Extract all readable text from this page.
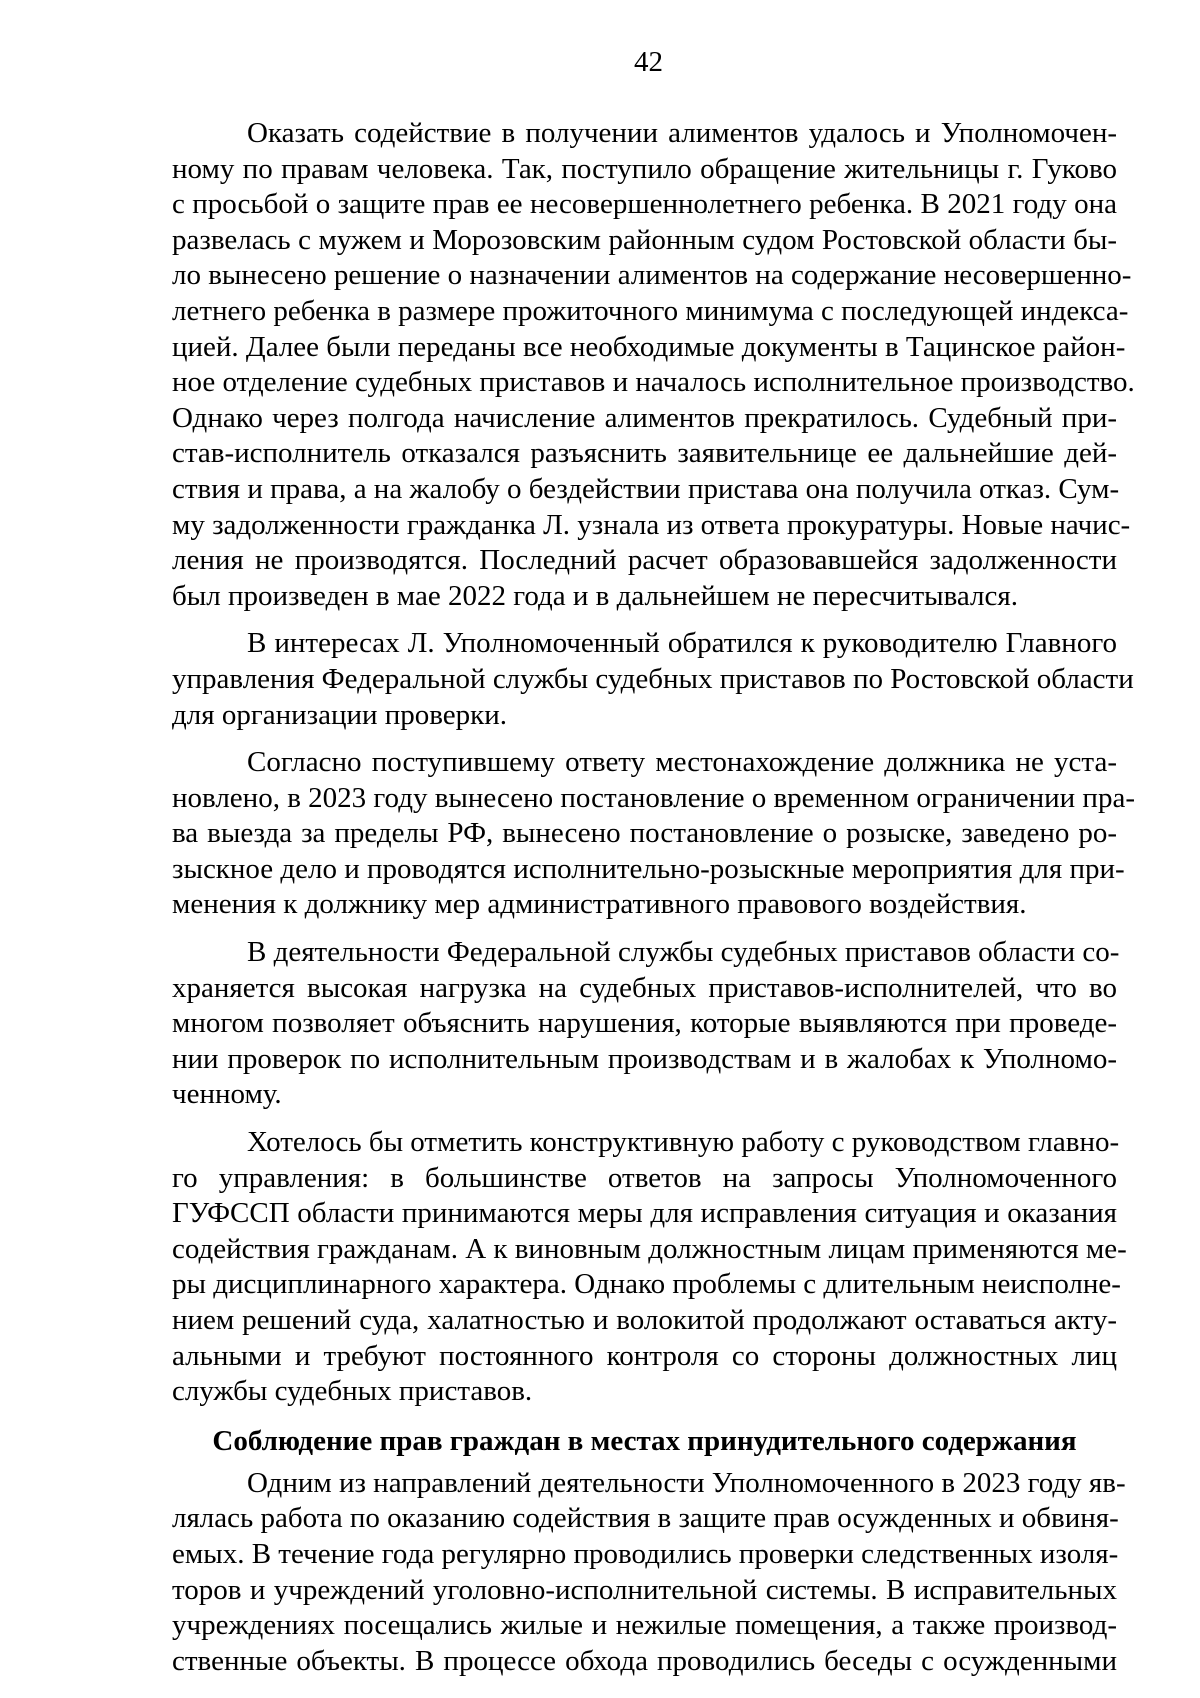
42
Оказать содействие в получении алиментов удалось и Уполномочен-
ному по правам человека. Так, поступило обращение жительницы г. Гуково
с просьбой о защите прав ее несовершеннолетнего ребенка. В 2021 году она
развелась с мужем и Морозовским районным судом Ростовской области бы-
ло вынесено решение о назначении алиментов на содержание несовершенно-
летнего ребенка в размере прожиточного минимума с последующей индекса-
цией. Далее были переданы все необходимые документы в Тацинское район-
ное отделение судебных приставов и началось исполнительное производство.
Однако через полгода начисление алиментов прекратилось. Судебный при-
став-исполнитель отказался разъяснить заявительнице ее дальнейшие дей-
ствия и права, а на жалобу о бездействии пристава она получила отказ. Сум-
му задолженности гражданка Л. узнала из ответа прокуратуры. Новые начис-
ления не производятся. Последний расчет образовавшейся задолженности
был произведен в мае 2022 года и в дальнейшем не пересчитывался.
В интересах Л. Уполномоченный обратился к руководителю Главного
управления Федеральной службы судебных приставов по Ростовской области
для организации проверки.
Согласно поступившему ответу местонахождение должника не уста-
новлено, в 2023 году вынесено постановление о временном ограничении пра-
ва выезда за пределы РФ, вынесено постановление о розыске, заведено ро-
зыскное дело и проводятся исполнительно-розыскные мероприятия для при-
менения к должнику мер административного правового воздействия.
В деятельности Федеральной службы судебных приставов области со-
храняется высокая нагрузка на судебных приставов-исполнителей, что во
многом позволяет объяснить нарушения, которые выявляются при проведе-
нии проверок по исполнительным производствам и в жалобах к Уполномо-
ченному.
Хотелось бы отметить конструктивную работу с руководством главно-
го управления: в большинстве ответов на запросы Уполномоченного
ГУФССП области принимаются меры для исправления ситуация и оказания
содействия гражданам. А к виновным должностным лицам применяются ме-
ры дисциплинарного характера. Однако проблемы с длительным неисполне-
нием решений суда, халатностью и волокитой продолжают оставаться акту-
альными и требуют постоянного контроля со стороны должностных лиц
службы судебных приставов.
Соблюдение прав граждан в местах принудительного содержания
Одним из направлений деятельности Уполномоченного в 2023 году яв-
лялась работа по оказанию содействия в защите прав осужденных и обвиня-
емых. В течение года регулярно проводились проверки следственных изоля-
торов и учреждений уголовно-исполнительной системы. В исправительных
учреждениях посещались жилые и нежилые помещения, а также производ-
ственные объекты. В процессе обхода проводились беседы с осужденными
